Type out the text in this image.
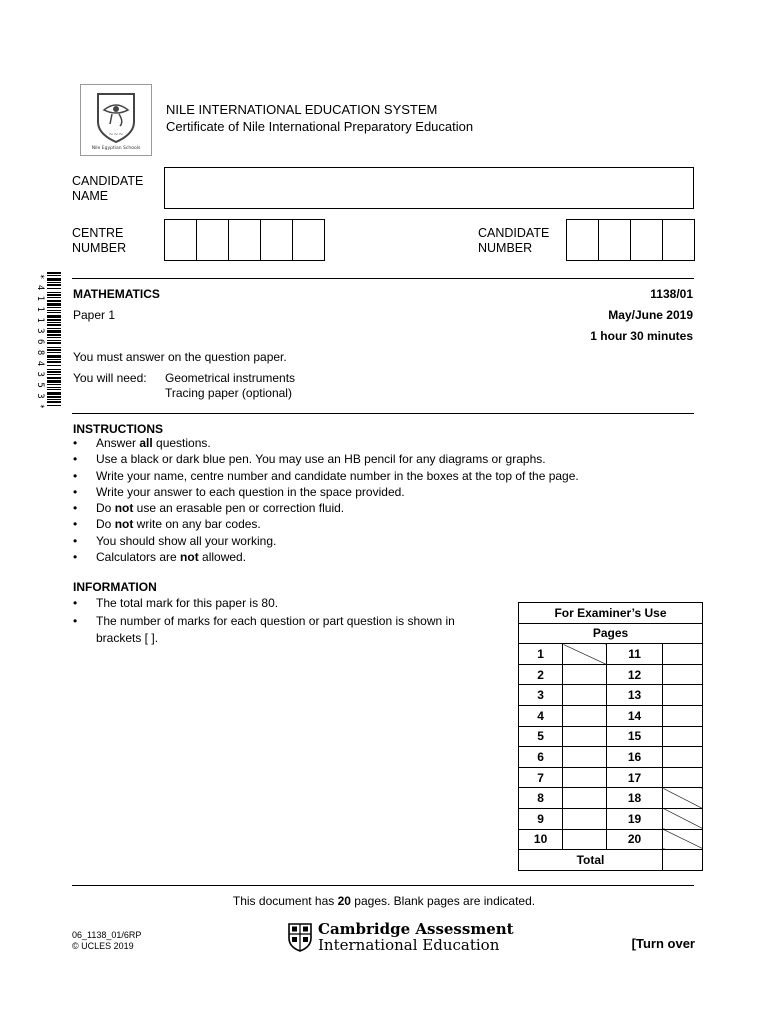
~~~
Nile Egyptian Schools
NILE INTERNATIONAL EDUCATION SYSTEM
Certificate of Nile International Preparatory Education
CANDIDATE
NAME
CENTRE
NUMBER
CANDIDATE
NUMBER
* 4 1 1 1 3 6 8 4 3 5 3 * MATHEMATICS	1138/01
Paper 1	May/June 2019
1 hour 30 minutes
You must answer on the question paper.
You will need: Geometrical instruments
Tracing paper (optional)
INSTRUCTIONS
• Answer all questions.
• Use a black or dark blue pen. You may use an HB pencil for any diagrams or graphs.
• Write your name, centre number and candidate number in the boxes at the top of the page.
• Write your answer to each question in the space provided.
• Do not use an erasable pen or correction fluid.
• Do not write on any bar codes.
• You should show all your working.
• Calculators are not allowed.
INFORMATION
• The total mark for this paper is 80.
• The number of marks for each question or part question is shown in brackets [ ].
For Examiner’s Use			
Pages			
1		11	
2		12	
3		13	
4		14	
5		15	
6		16	
7		17	
8		18	
9		19	
10		20	
Total			
This document has 20 pages. Blank pages are indicated.
06_1138_01/6RP
© UCLES 2019
Cambridge Assessment
International Education	[Turn over
